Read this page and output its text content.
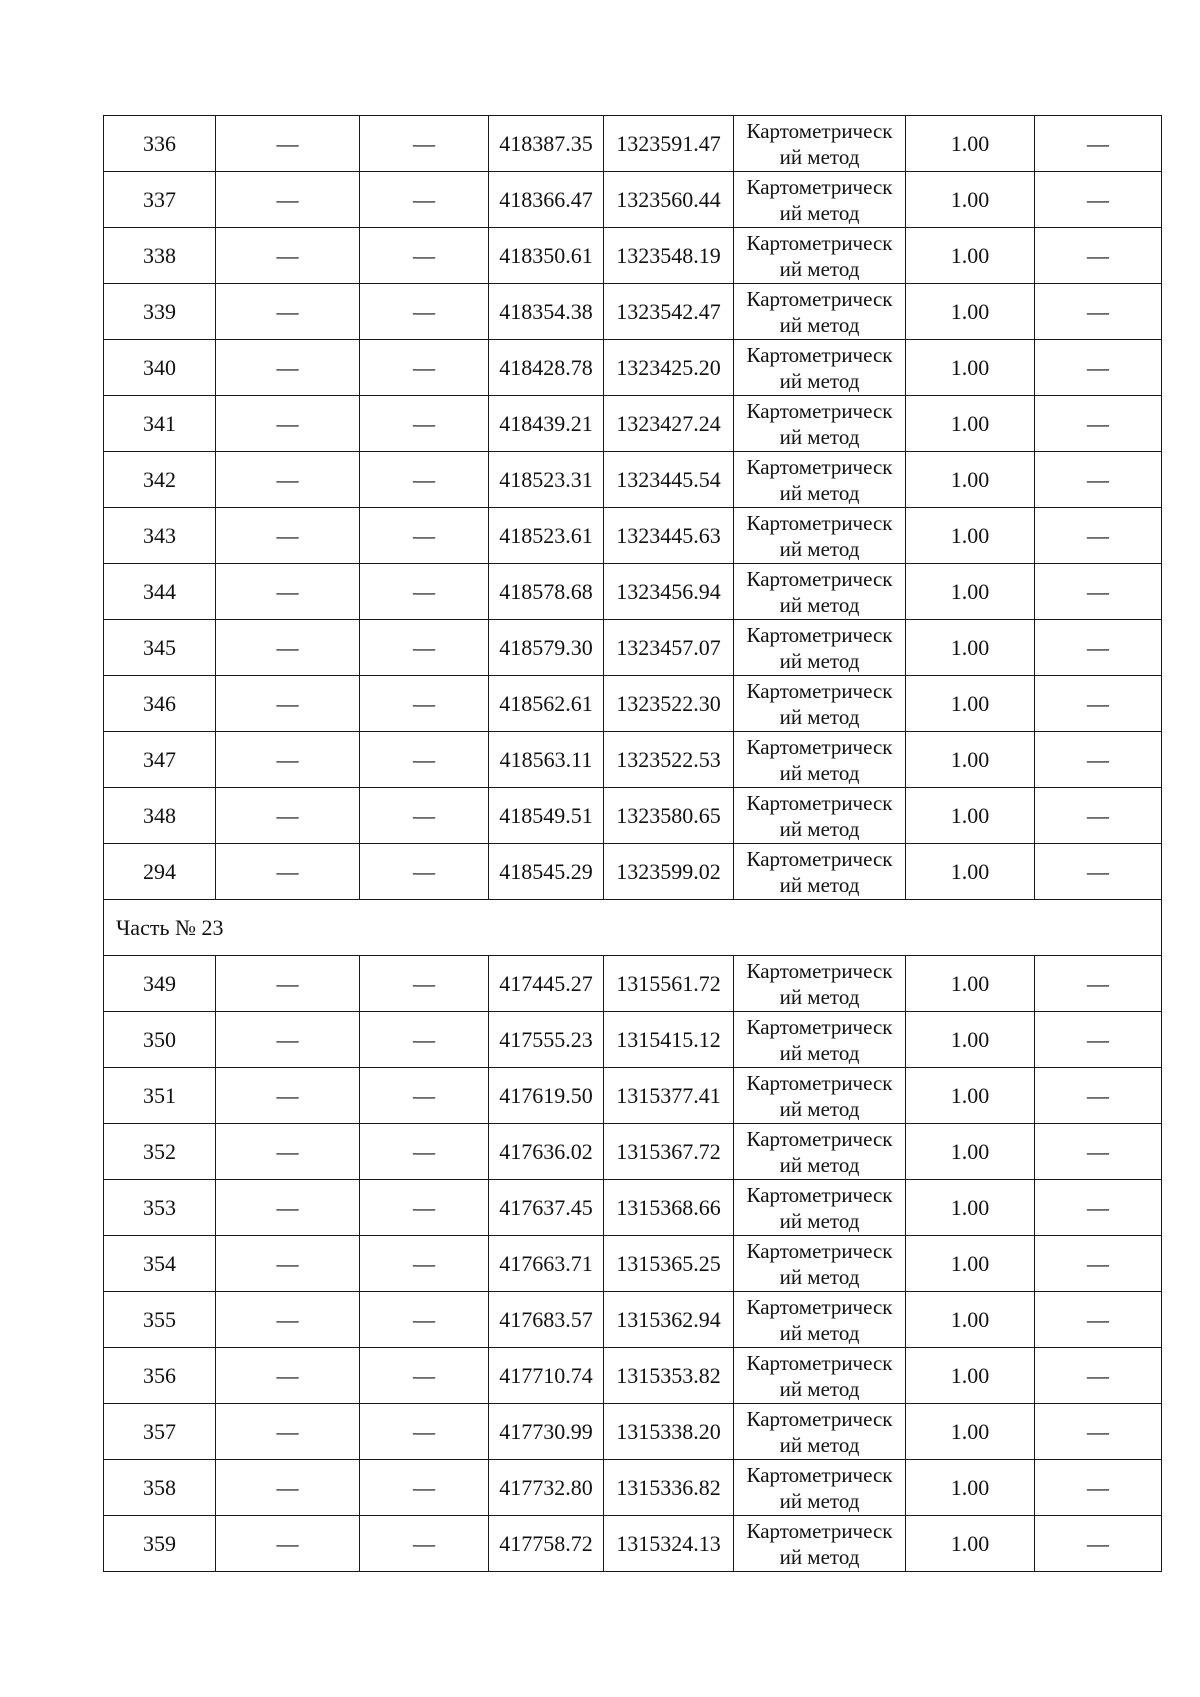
336	—	—	418387.35	1323591.47	Картометрический метод	1.00	—
337	—	—	418366.47	1323560.44	Картометрический метод	1.00	—
338	—	—	418350.61	1323548.19	Картометрический метод	1.00	—
339	—	—	418354.38	1323542.47	Картометрический метод	1.00	—
340	—	—	418428.78	1323425.20	Картометрический метод	1.00	—
341	—	—	418439.21	1323427.24	Картометрический метод	1.00	—
342	—	—	418523.31	1323445.54	Картометрический метод	1.00	—
343	—	—	418523.61	1323445.63	Картометрический метод	1.00	—
344	—	—	418578.68	1323456.94	Картометрический метод	1.00	—
345	—	—	418579.30	1323457.07	Картометрический метод	1.00	—
346	—	—	418562.61	1323522.30	Картометрический метод	1.00	—
347	—	—	418563.11	1323522.53	Картометрический метод	1.00	—
348	—	—	418549.51	1323580.65	Картометрический метод	1.00	—
294	—	—	418545.29	1323599.02	Картометрический метод	1.00	—
Часть № 23							
349	—	—	417445.27	1315561.72	Картометрический метод	1.00	—
350	—	—	417555.23	1315415.12	Картометрический метод	1.00	—
351	—	—	417619.50	1315377.41	Картометрический метод	1.00	—
352	—	—	417636.02	1315367.72	Картометрический метод	1.00	—
353	—	—	417637.45	1315368.66	Картометрический метод	1.00	—
354	—	—	417663.71	1315365.25	Картометрический метод	1.00	—
355	—	—	417683.57	1315362.94	Картометрический метод	1.00	—
356	—	—	417710.74	1315353.82	Картометрический метод	1.00	—
357	—	—	417730.99	1315338.20	Картометрический метод	1.00	—
358	—	—	417732.80	1315336.82	Картометрический метод	1.00	—
359	—	—	417758.72	1315324.13	Картометрический метод	1.00	—
